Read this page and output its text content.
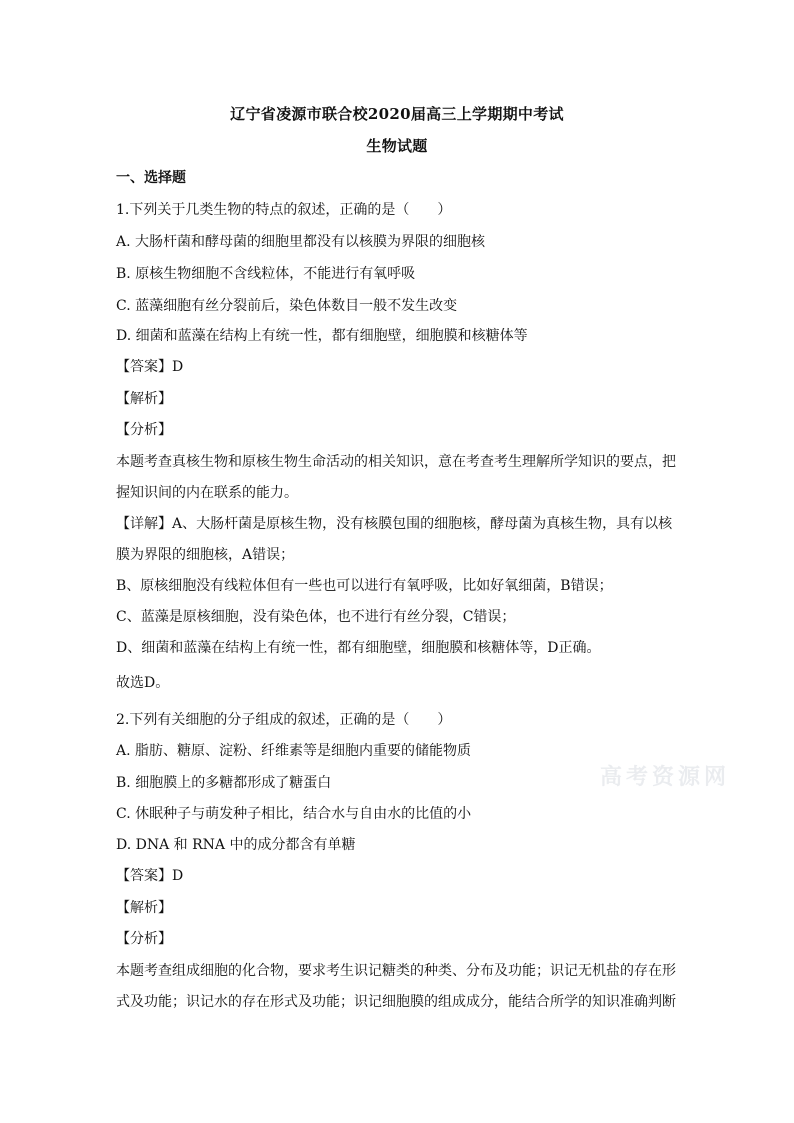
辽宁省凌源市联合校2020届高三上学期期中考试
生物试题
一、选择题
1.下列关于几类生物的特点的叙述，正确的是（　　）
A. 大肠杆菌和酵母菌的细胞里都没有以核膜为界限的细胞核
B. 原核生物细胞不含线粒体，不能进行有氧呼吸
C. 蓝藻细胞有丝分裂前后，染色体数目一般不发生改变
D. 细菌和蓝藻在结构上有统一性，都有细胞壁，细胞膜和核糖体等
【答案】D
【解析】
【分析】
本题考查真核生物和原核生物生命活动的相关知识，意在考查考生理解所学知识的要点，把握知识间的内在联系的能力。
【详解】A、大肠杆菌是原核生物，没有核膜包围的细胞核，酵母菌为真核生物，具有以核膜为界限的细胞核，A错误；
B、原核细胞没有线粒体但有一些也可以进行有氧呼吸，比如好氧细菌，B错误；
C、蓝藻是原核细胞，没有染色体，也不进行有丝分裂，C错误；
D、细菌和蓝藻在结构上有统一性，都有细胞壁，细胞膜和核糖体等，D正确。
故选D。
2.下列有关细胞的分子组成的叙述，正确的是（　　）
A. 脂肪、糖原、淀粉、纤维素等是细胞内重要的储能物质
B. 细胞膜上的多糖都形成了糖蛋白
C. 休眠种子与萌发种子相比，结合水与自由水的比值的小
D. DNA 和 RNA 中的成分都含有单糖
【答案】D
【解析】
【分析】
本题考查组成细胞的化合物，要求考生识记糖类的种类、分布及功能；识记无机盐的存在形式及功能；识记水的存在形式及功能；识记细胞膜的组成成分，能结合所学的知识准确判断
高考资源网
